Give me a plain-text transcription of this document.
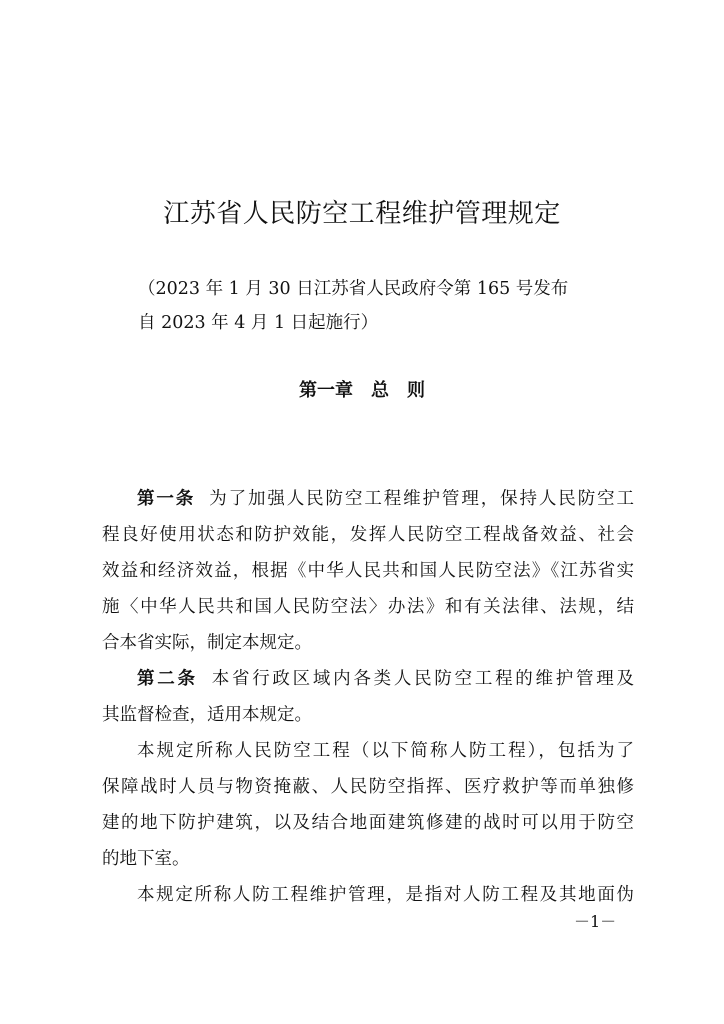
江苏省人民防空工程维护管理规定
（2023 年 1 月 30 日江苏省人民政府令第 165 号发布
自 2023 年 4 月 1 日起施行）
第一章　总　则
第一条 为了加强人民防空工程维护管理，保持人民防空工
程良好使用状态和防护效能，发挥人民防空工程战备效益、社会
效益和经济效益，根据《中华人民共和国人民防空法》《江苏省实
施〈中华人民共和国人民防空法〉办法》和有关法律、法规，结
合本省实际，制定本规定。
第二条 本省行政区域内各类人民防空工程的维护管理及
其监督检查，适用本规定。
本规定所称人民防空工程（以下简称人防工程），包括为了
保障战时人员与物资掩蔽、人民防空指挥、医疗救护等而单独修
建的地下防护建筑，以及结合地面建筑修建的战时可以用于防空
的地下室。
本规定所称人防工程维护管理，是指对人防工程及其地面伪
－1－
